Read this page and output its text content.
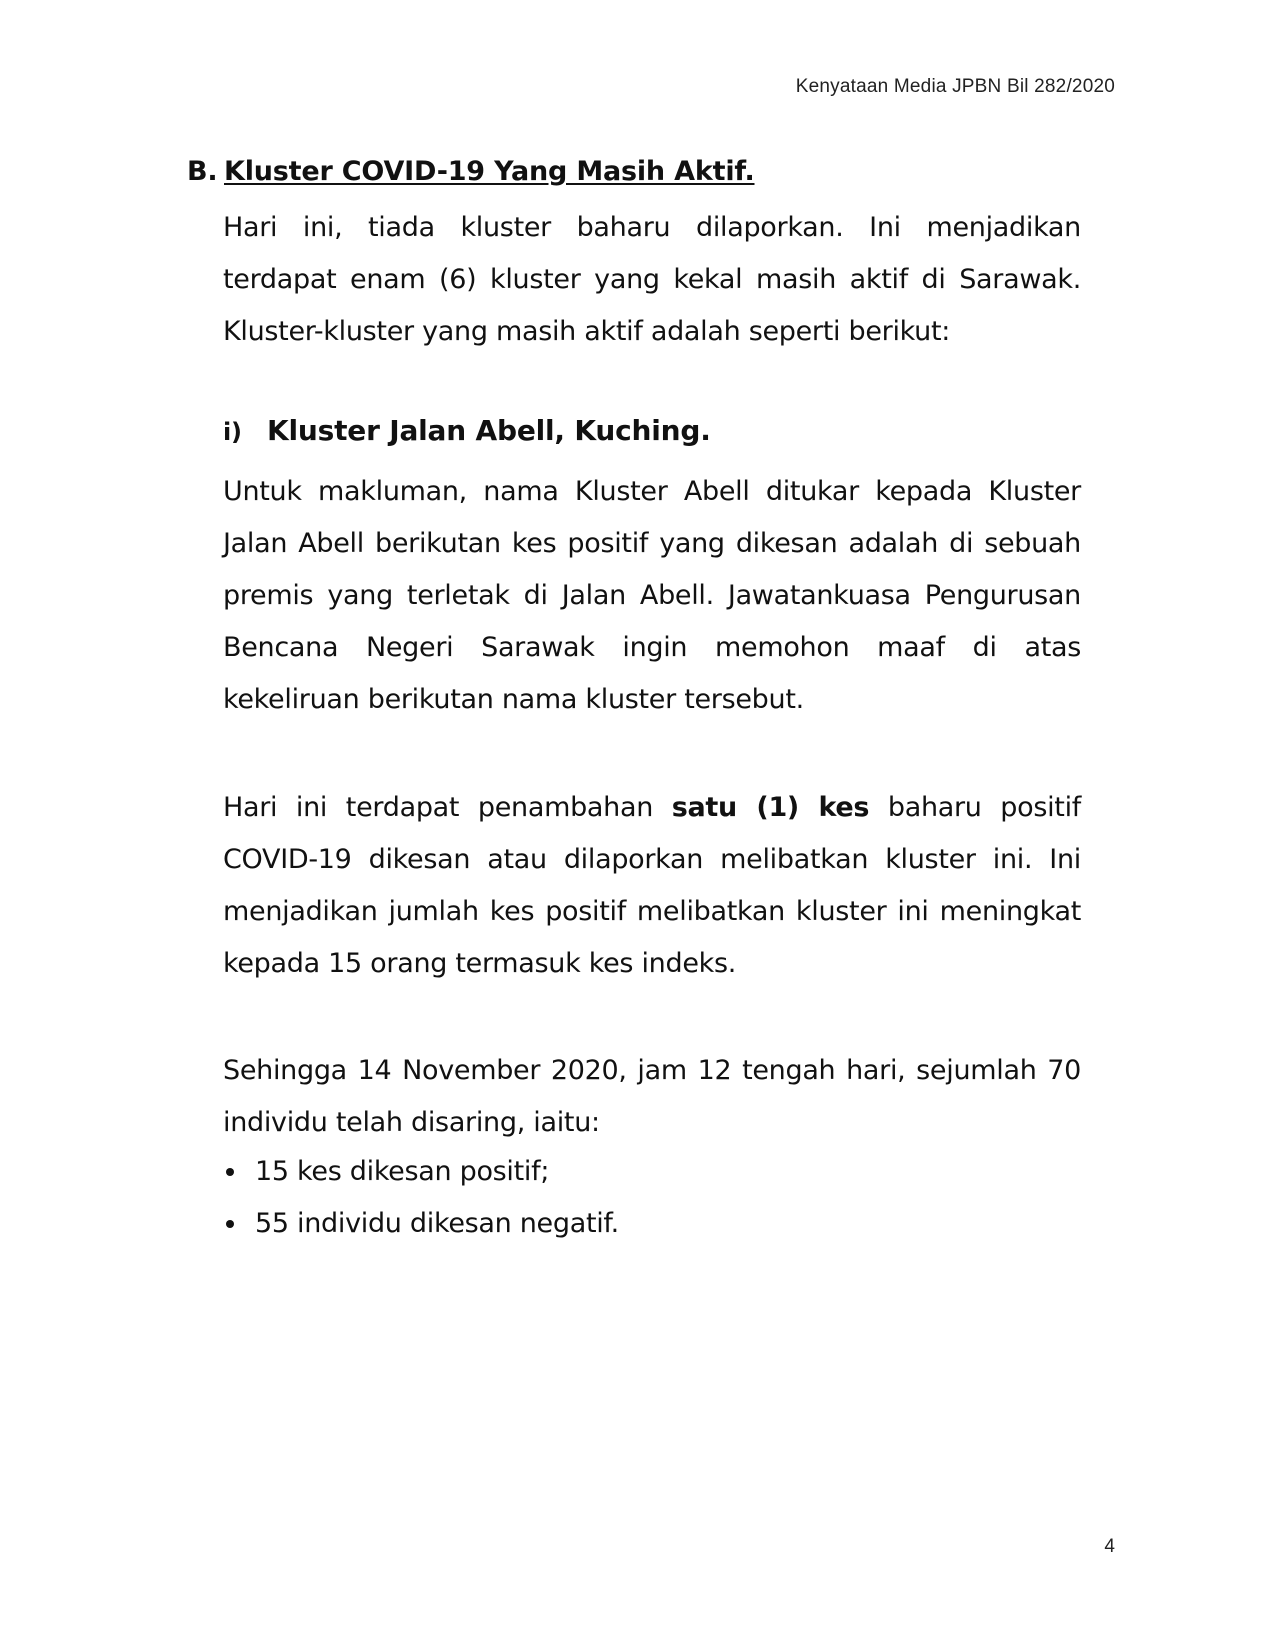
Kenyataan Media JPBN Bil 282/2020
B. Kluster COVID-19 Yang Masih Aktif.
Hari ini, tiada kluster baharu dilaporkan. Ini menjadikan terdapat enam (6) kluster yang kekal masih aktif di Sarawak. Kluster-kluster yang masih aktif adalah seperti berikut:
i) Kluster Jalan Abell, Kuching.
Untuk makluman, nama Kluster Abell ditukar kepada Kluster Jalan Abell berikutan kes positif yang dikesan adalah di sebuah premis yang terletak di Jalan Abell. Jawatankuasa Pengurusan Bencana Negeri Sarawak ingin memohon maaf di atas kekeliruan berikutan nama kluster tersebut.
Hari ini terdapat penambahan satu (1) kes baharu positif COVID-19 dikesan atau dilaporkan melibatkan kluster ini. Ini menjadikan jumlah kes positif melibatkan kluster ini meningkat kepada 15 orang termasuk kes indeks.
Sehingga 14 November 2020, jam 12 tengah hari, sejumlah 70 individu telah disaring, iaitu:
15 kes dikesan positif;
55 individu dikesan negatif.
4
